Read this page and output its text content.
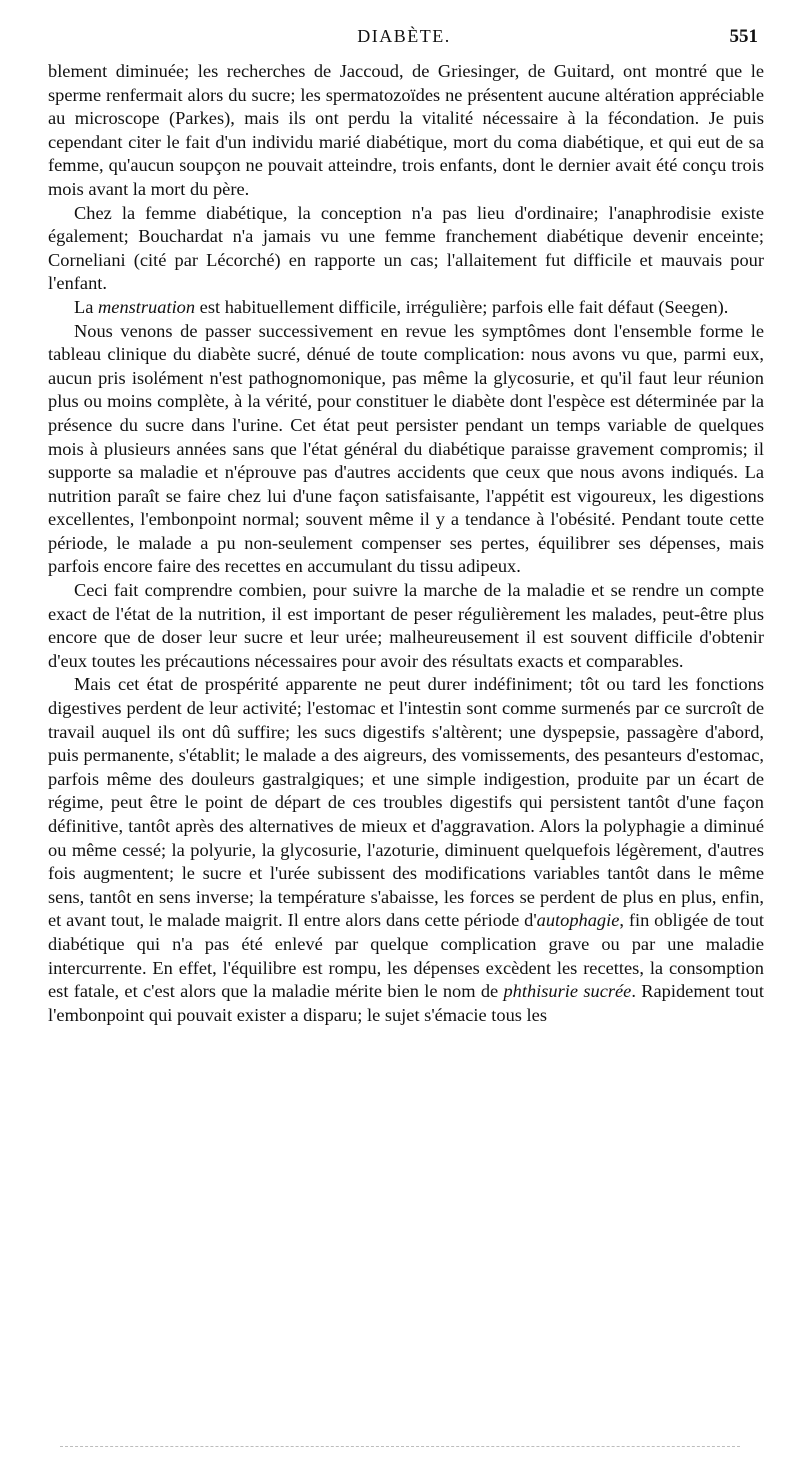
DIABÈTE.	551

blement diminuée; les recherches de Jaccoud, de Griesinger, de Guitard, ont montré que le sperme renfermait alors du sucre; les spermatozoïdes ne présentent aucune altération appréciable au microscope (Parkes), mais ils ont perdu la vitalité nécessaire à la fécondation. Je puis cependant citer le fait d'un individu marié diabétique, mort du coma diabétique, et qui eut de sa femme, qu'aucun soupçon ne pouvait atteindre, trois enfants, dont le dernier avait été conçu trois mois avant la mort du père.

Chez la femme diabétique, la conception n'a pas lieu d'ordinaire; l'anaphrodisie existe également; Bouchardat n'a jamais vu une femme franchement diabétique devenir enceinte; Corneliani (cité par Lécorché) en rapporte un cas; l'allaitement fut difficile et mauvais pour l'enfant.

La menstruation est habituellement difficile, irrégulière; parfois elle fait défaut (Seegen).

Nous venons de passer successivement en revue les symptômes dont l'ensemble forme le tableau clinique du diabète sucré, dénué de toute complication: nous avons vu que, parmi eux, aucun pris isolément n'est pathognomonique, pas même la glycosurie, et qu'il faut leur réunion plus ou moins complète, à la vérité, pour constituer le diabète dont l'espèce est déterminée par la présence du sucre dans l'urine. Cet état peut persister pendant un temps variable de quelques mois à plusieurs années sans que l'état général du diabétique paraisse gravement compromis; il supporte sa maladie et n'éprouve pas d'autres accidents que ceux que nous avons indiqués. La nutrition paraît se faire chez lui d'une façon satisfaisante, l'appétit est vigoureux, les digestions excellentes, l'embonpoint normal; souvent même il y a tendance à l'obésité. Pendant toute cette période, le malade a pu non-seulement compenser ses pertes, équilibrer ses dépenses, mais parfois encore faire des recettes en accumulant du tissu adipeux.

Ceci fait comprendre combien, pour suivre la marche de la maladie et se rendre un compte exact de l'état de la nutrition, il est important de peser régulièrement les malades, peut-être plus encore que de doser leur sucre et leur urée; malheureusement il est souvent difficile d'obtenir d'eux toutes les précautions nécessaires pour avoir des résultats exacts et comparables.

Mais cet état de prospérité apparente ne peut durer indéfiniment; tôt ou tard les fonctions digestives perdent de leur activité; l'estomac et l'intestin sont comme surmenés par ce surcroît de travail auquel ils ont dû suffire; les sucs digestifs s'altèrent; une dyspepsie, passagère d'abord, puis permanente, s'établit; le malade a des aigreurs, des vomissements, des pesanteurs d'estomac, parfois même des douleurs gastralgiques; et une simple indigestion, produite par un écart de régime, peut être le point de départ de ces troubles digestifs qui persistent tantôt d'une façon définitive, tantôt après des alternatives de mieux et d'aggravation. Alors la polyphagie a diminué ou même cessé; la polyurie, la glycosurie, l'azoturie, diminuent quelquefois légèrement, d'autres fois augmentent; le sucre et l'urée subissent des modifications variables tantôt dans le même sens, tantôt en sens inverse; la température s'abaisse, les forces se perdent de plus en plus, enfin, et avant tout, le malade maigrit. Il entre alors dans cette période d'autophagie, fin obligée de tout diabétique qui n'a pas été enlevé par quelque complication grave ou par une maladie intercurrente. En effet, l'équilibre est rompu, les dépenses excèdent les recettes, la consomption est fatale, et c'est alors que la maladie mérite bien le nom de phthisurie sucrée. Rapidement tout l'embonpoint qui pouvait exister a disparu; le sujet s'émacie tous les
